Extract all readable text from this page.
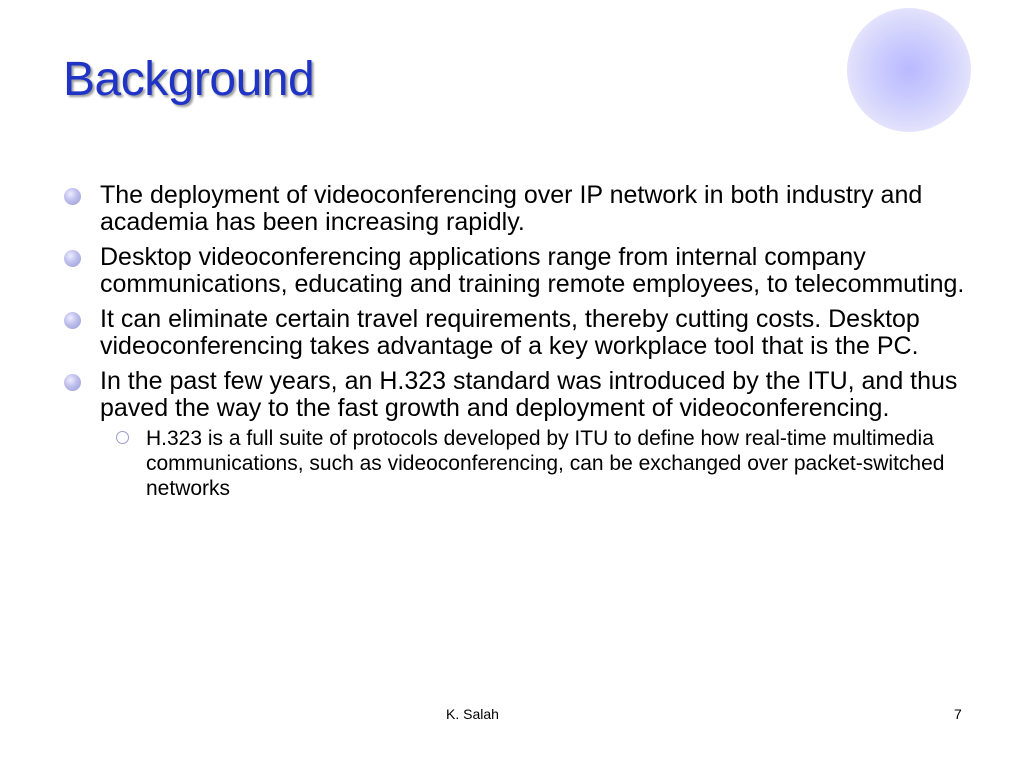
Background
The deployment of videoconferencing over IP network in both industry and academia has been increasing rapidly.
Desktop videoconferencing applications range from internal company communications, educating and training remote employees, to telecommuting.
It can eliminate certain travel requirements, thereby cutting costs. Desktop videoconferencing takes advantage of a key workplace tool that is the PC.
In the past few years, an H.323 standard was introduced by the ITU, and thus paved the way to the fast growth and deployment of videoconferencing.
H.323 is a full suite of protocols developed by ITU to define how real-time multimedia communications, such as videoconferencing, can be exchanged over packet-switched networks
K. Salah	7
